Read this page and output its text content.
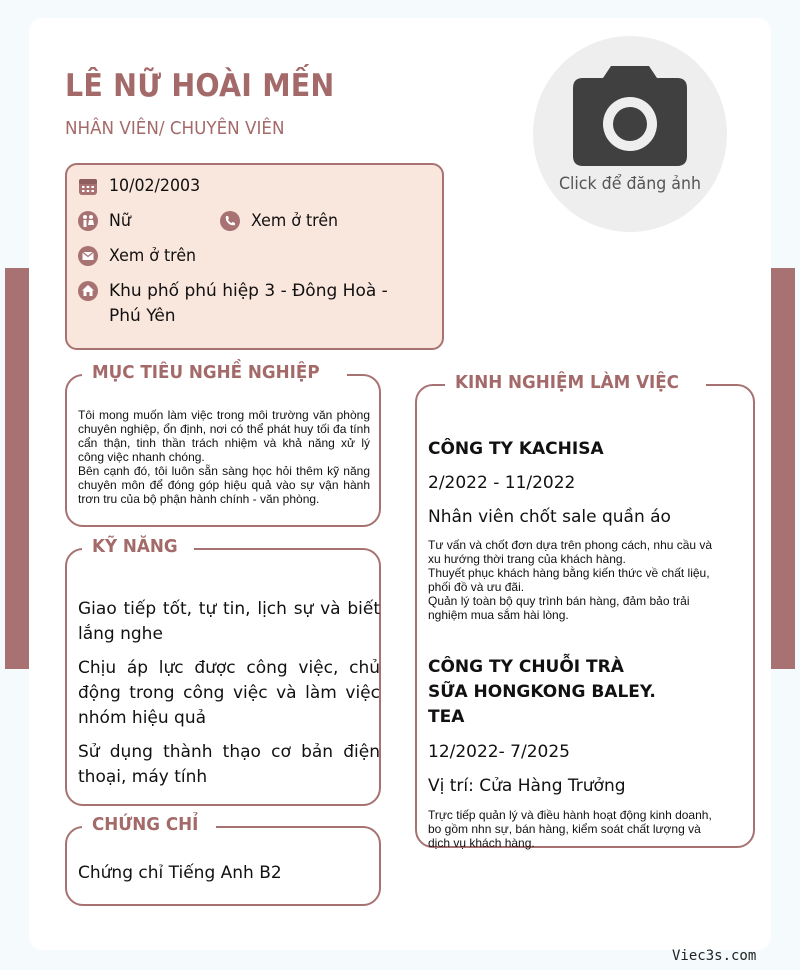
LÊ NỮ HOÀI MẾN
NHÂN VIÊN/ CHUYÊN VIÊN
Click để đăng ảnh
10/02/2003
Nữ	Xem ở trên
Xem ở trên
Khu phố phú hiệp 3 - Đông Hoà - Phú Yên
MỤC TIÊU NGHỀ NGHIỆP
Tôi mong muốn làm việc trong môi trường văn phòng chuyên nghiệp, ổn định, nơi có thể phát huy tối đa tính cẩn thận, tinh thần trách nhiệm và khả năng xử lý công việc nhanh chóng.
Bên cạnh đó, tôi luôn sẵn sàng học hỏi thêm kỹ năng chuyên môn để đóng góp hiệu quả vào sự vận hành trơn tru của bộ phận hành chính - văn phòng.
KỸ NĂNG
Giao tiếp tốt, tự tin, lịch sự và biết lắng nghe
Chịu áp lực được công việc, chủ động trong công việc và làm việc nhóm hiệu quả
Sử dụng thành thạo cơ bản điện thoại, máy tính
CHỨNG CHỈ
Chứng chỉ Tiếng Anh B2
KINH NGHIỆM LÀM VIỆC
CÔNG TY KACHISA
2/2022 - 11/2022
Nhân viên chốt sale quần áo
Tư vấn và chốt đơn dựa trên phong cách, nhu cầu và xu hướng thời trang của khách hàng.
Thuyết phục khách hàng bằng kiến thức về chất liệu, phối đồ và ưu đãi.
Quản lý toàn bộ quy trình bán hàng, đảm bảo trải nghiệm mua sắm hài lòng.
CÔNG TY CHUỖI TRÀ SỮA HONGKONG BALEY. TEA
12/2022- 7/2025
Vị trí: Cửa Hàng Trưởng
Trực tiếp quản lý và điều hành hoạt động kinh doanh, bo gồm nhn sự, bán hàng, kiểm soát chất lượng và dịch vụ khách hàng.
Viec3s.com
